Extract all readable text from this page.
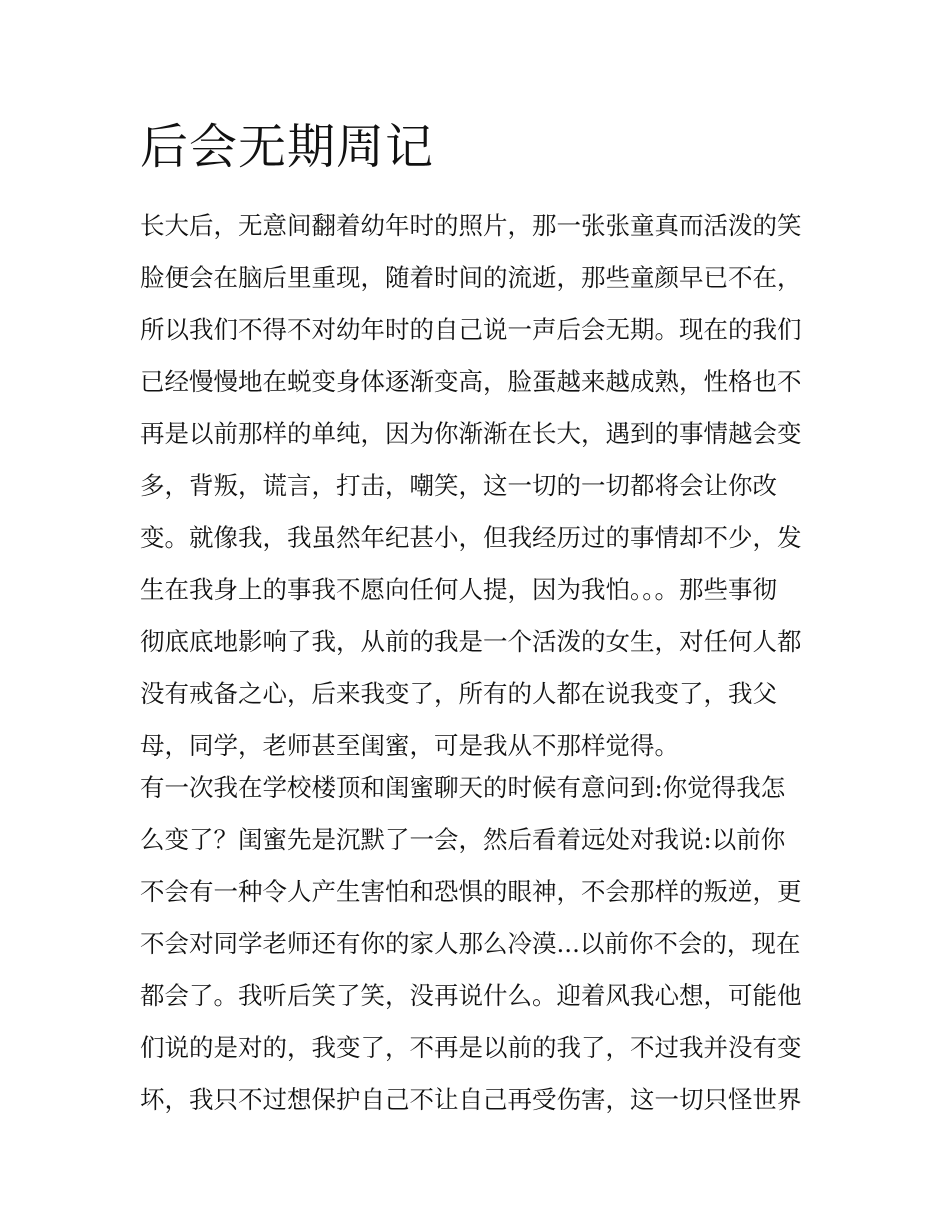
后会无期周记
长大后，无意间翻着幼年时的照片，那一张张童真而活泼的笑
脸便会在脑后里重现，随着时间的流逝，那些童颜早已不在，
所以我们不得不对幼年时的自己说一声后会无期。现在的我们
已经慢慢地在蜕变身体逐渐变高，脸蛋越来越成熟，性格也不
再是以前那样的单纯，因为你渐渐在长大，遇到的事情越会变
多，背叛，谎言，打击，嘲笑，这一切的一切都将会让你改
变。就像我，我虽然年纪甚小，但我经历过的事情却不少，发
生在我身上的事我不愿向任何人提，因为我怕。。。那些事彻
彻底底地影响了我，从前的我是一个活泼的女生，对任何人都
没有戒备之心，后来我变了，所有的人都在说我变了，我父
母，同学，老师甚至闺蜜，可是我从不那样觉得。
有一次我在学校楼顶和闺蜜聊天的时候有意问到:你觉得我怎
么变了？闺蜜先是沉默了一会，然后看着远处对我说:以前你
不会有一种令人产生害怕和恐惧的眼神，不会那样的叛逆，更
不会对同学老师还有你的家人那么冷漠...以前你不会的，现在
都会了。我听后笑了笑，没再说什么。迎着风我心想，可能他
们说的是对的，我变了，不再是以前的我了，不过我并没有变
坏，我只不过想保护自己不让自己再受伤害，这一切只怪世界
